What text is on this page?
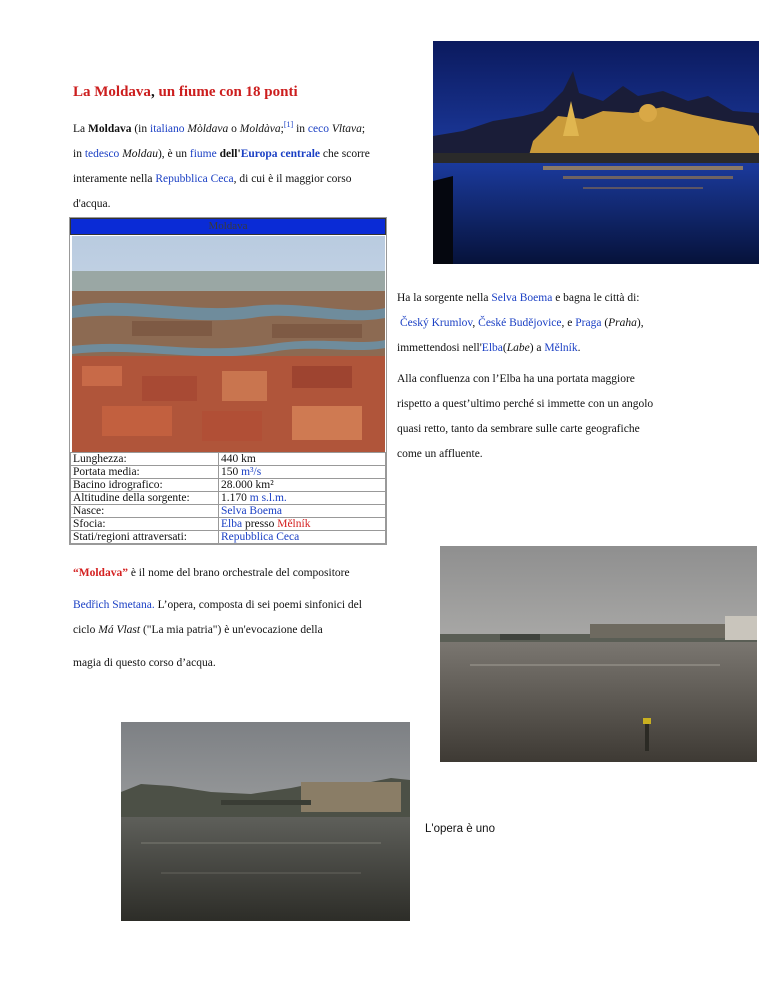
La Moldava, un fiume con 18 ponti
La Moldava (in italiano Mòldava o Moldàva;[1] in ceco Vltava;
in tedesco Moldau), è un fiume dell'Europa centrale che scorre
interamente nella Repubblica Ceca, di cui è il maggior corso
d'acqua.
Moldava
Lunghezza:	440 km
Portata media:	150 m³/s
Bacino idrografico:	28.000 km²
Altitudine della sorgente:	1.170 m s.l.m.
Nasce:	Selva Boema
Sfocia:	Elba presso Mělník
Stati/regioni attraversati:	Repubblica Ceca
Ha la sorgente nella Selva Boema e bagna le città di:
Český Krumlov, České Budějovice, e Praga (Praha),
immettendosi nell'Elba(Labe) a Mělník.
Alla confluenza con l’Elba ha una portata maggiore
rispetto a quest’ultimo perché si immette con un angolo
quasi retto, tanto da sembrare sulle carte geografiche
come un affluente.
“Moldava” è il nome del brano orchestrale del compositore
Bedřich Smetana. L’opera, composta di sei poemi sinfonici del
ciclo Má Vlast ("La mia patria") è un'evocazione della
magia di questo corso d’acqua.
L'opera è uno
